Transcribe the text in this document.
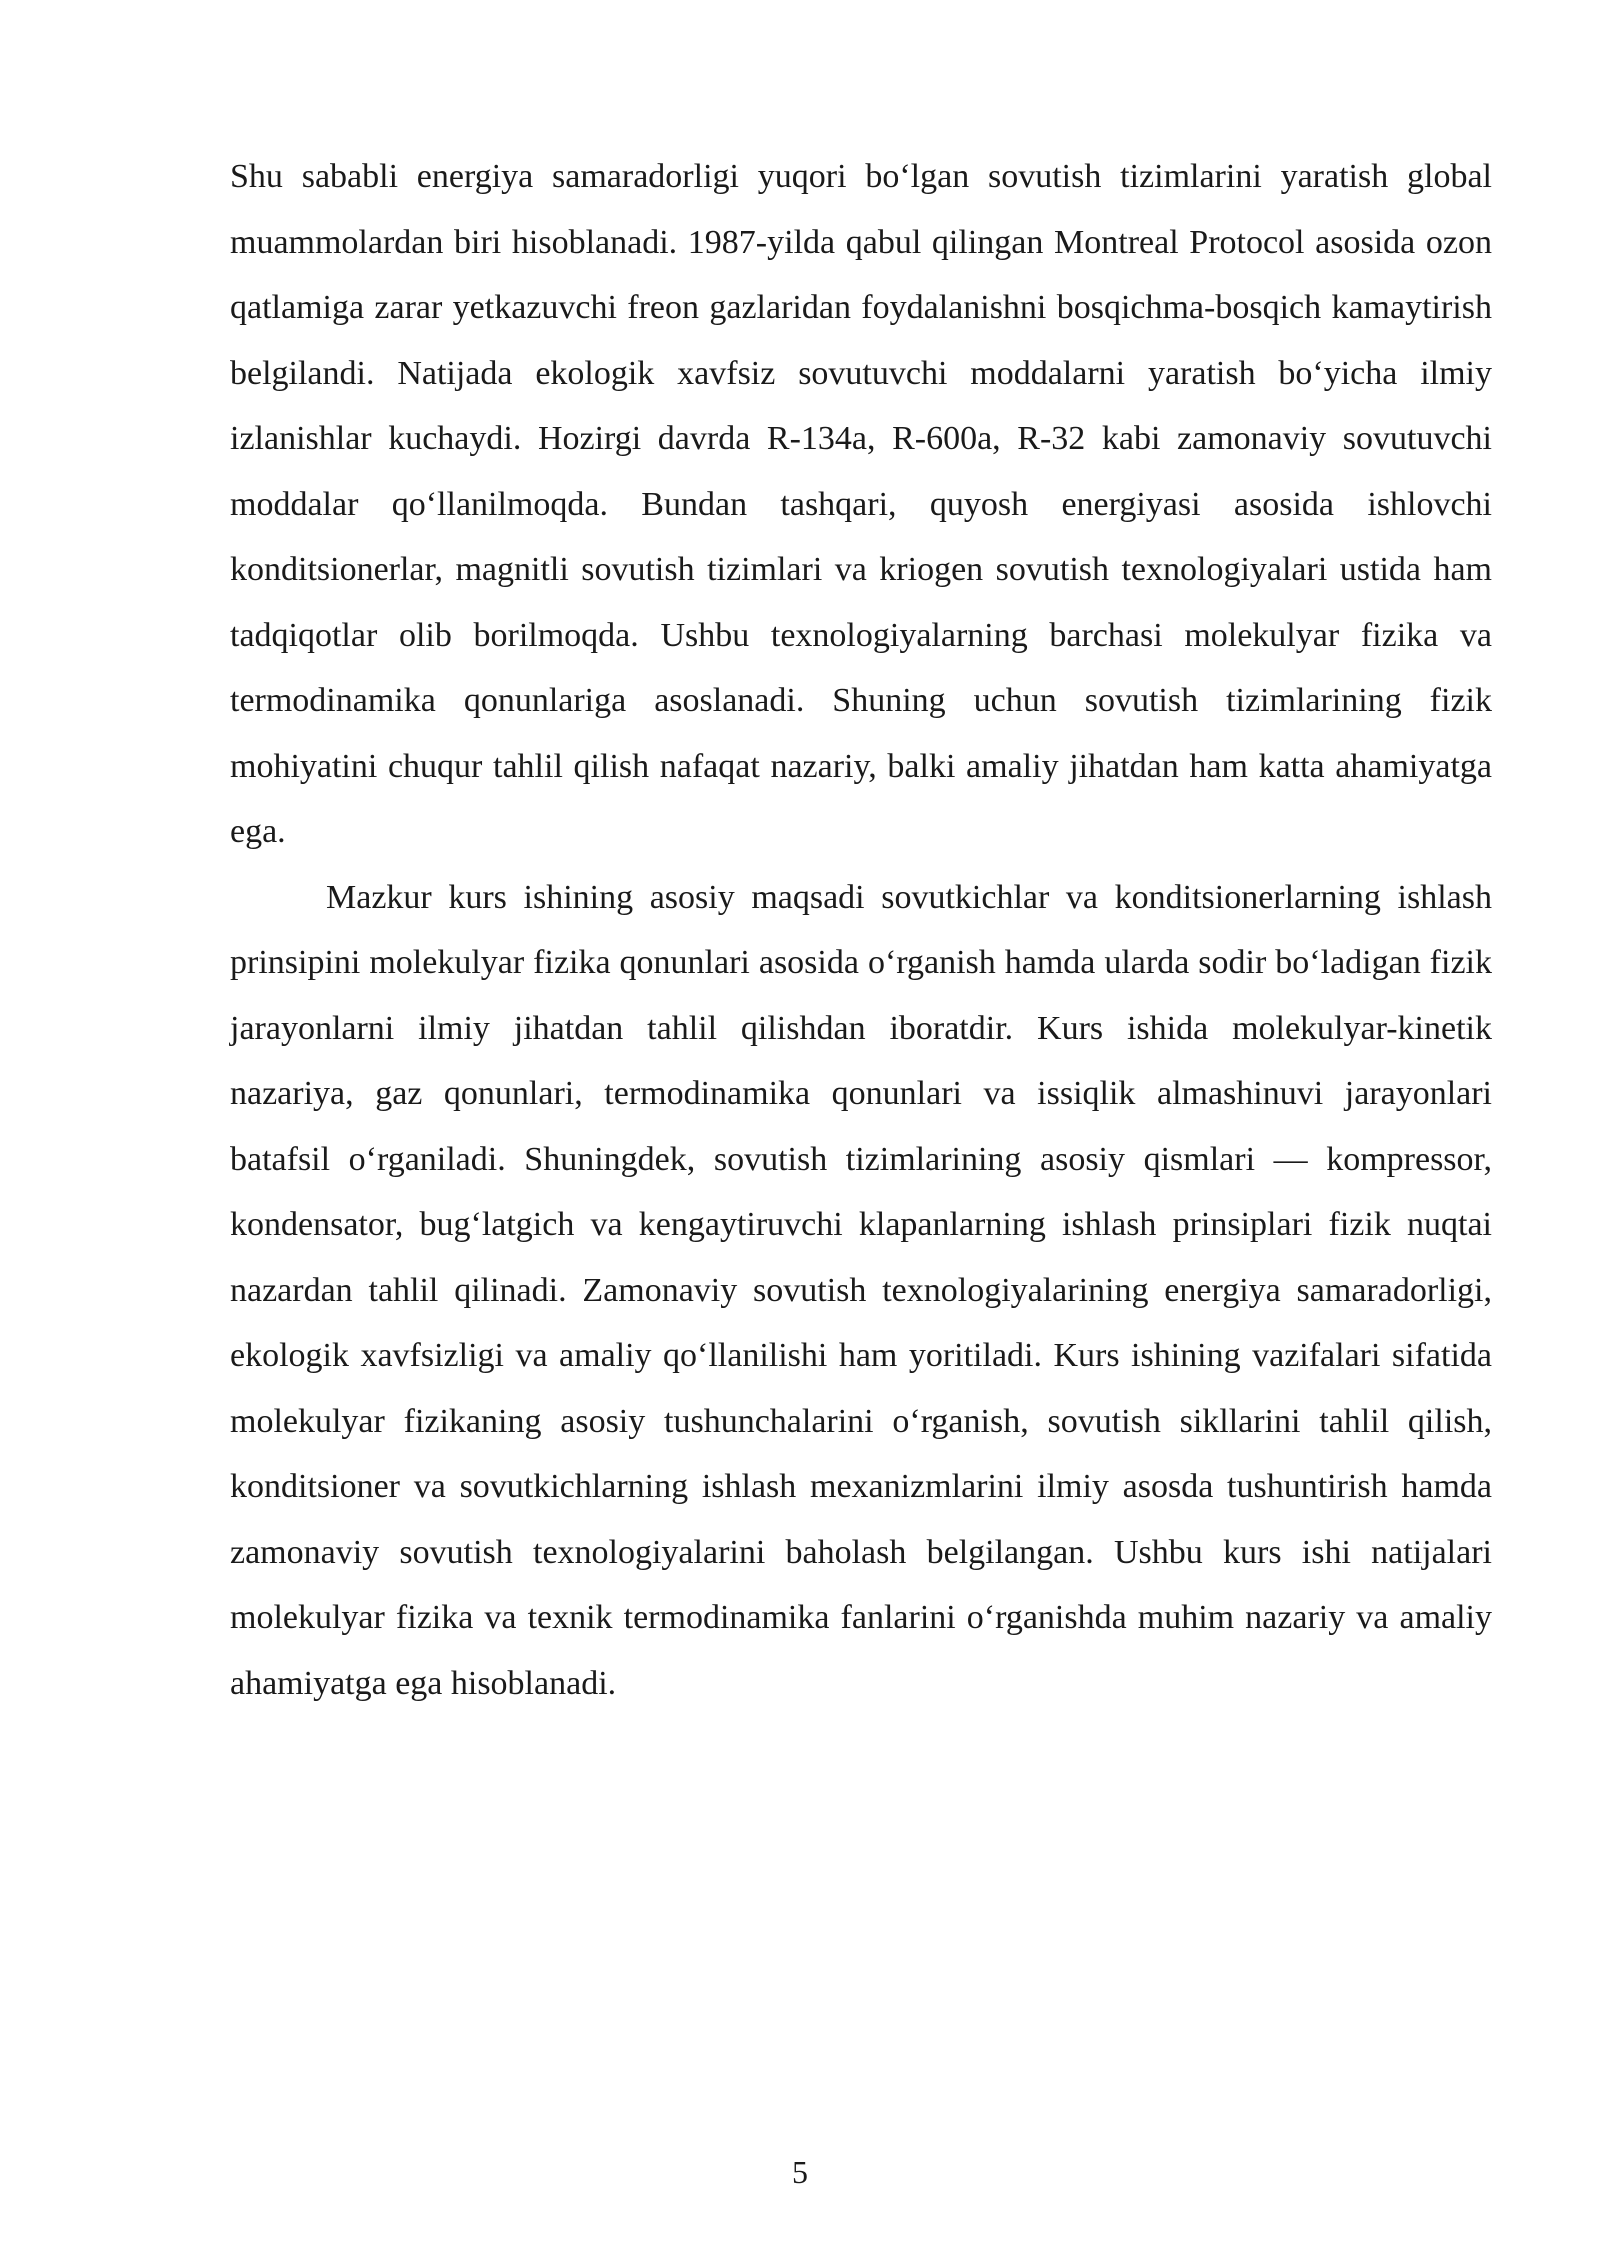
Shu sababli energiya samaradorligi yuqori bo‘lgan sovutish tizimlarini yaratish global muammolardan biri hisoblanadi. 1987-yilda qabul qilingan Montreal Protocol asosida ozon qatlamiga zarar yetkazuvchi freon gazlaridan foydalanishni bosqichma-bosqich kamaytirish belgilandi. Natijada ekologik xavfsiz sovutuvchi moddalarni yaratish bo‘yicha ilmiy izlanishlar kuchaydi. Hozirgi davrda R-134a, R-600a, R-32 kabi zamonaviy sovutuvchi moddalar qo‘llanilmoqda. Bundan tashqari, quyosh energiyasi asosida ishlovchi konditsionerlar, magnitli sovutish tizimlari va kriogen sovutish texnologiyalari ustida ham tadqiqotlar olib borilmoqda. Ushbu texnologiyalarning barchasi molekulyar fizika va termodinamika qonunlariga asoslanadi. Shuning uchun sovutish tizimlarining fizik mohiyatini chuqur tahlil qilish nafaqat nazariy, balki amaliy jihatdan ham katta ahamiyatga ega.

Mazkur kurs ishining asosiy maqsadi sovutkichlar va konditsionerlarning ishlash prinsipini molekulyar fizika qonunlari asosida o‘rganish hamda ularda sodir bo‘ladigan fizik jarayonlarni ilmiy jihatdan tahlil qilishdan iboratdir. Kurs ishida molekulyar-kinetik nazariya, gaz qonunlari, termodinamika qonunlari va issiqlik almashinuvi jarayonlari batafsil o‘rganiladi. Shuningdek, sovutish tizimlarining asosiy qismlari — kompressor, kondensator, bug‘latgich va kengaytiruvchi klapanlarning ishlash prinsiplari fizik nuqtai nazardan tahlil qilinadi. Zamonaviy sovutish texnologiyalarining energiya samaradorligi, ekologik xavfsizligi va amaliy qo‘llanilishi ham yoritiladi. Kurs ishining vazifalari sifatida molekulyar fizikaning asosiy tushunchalarini o‘rganish, sovutish sikllarini tahlil qilish, konditsioner va sovutkichlarning ishlash mexanizmlarini ilmiy asosda tushuntirish hamda zamonaviy sovutish texnologiyalarini baholash belgilangan. Ushbu kurs ishi natijalari molekulyar fizika va texnik termodinamika fanlarini o‘rganishda muhim nazariy va amaliy ahamiyatga ega hisoblanadi.

5
